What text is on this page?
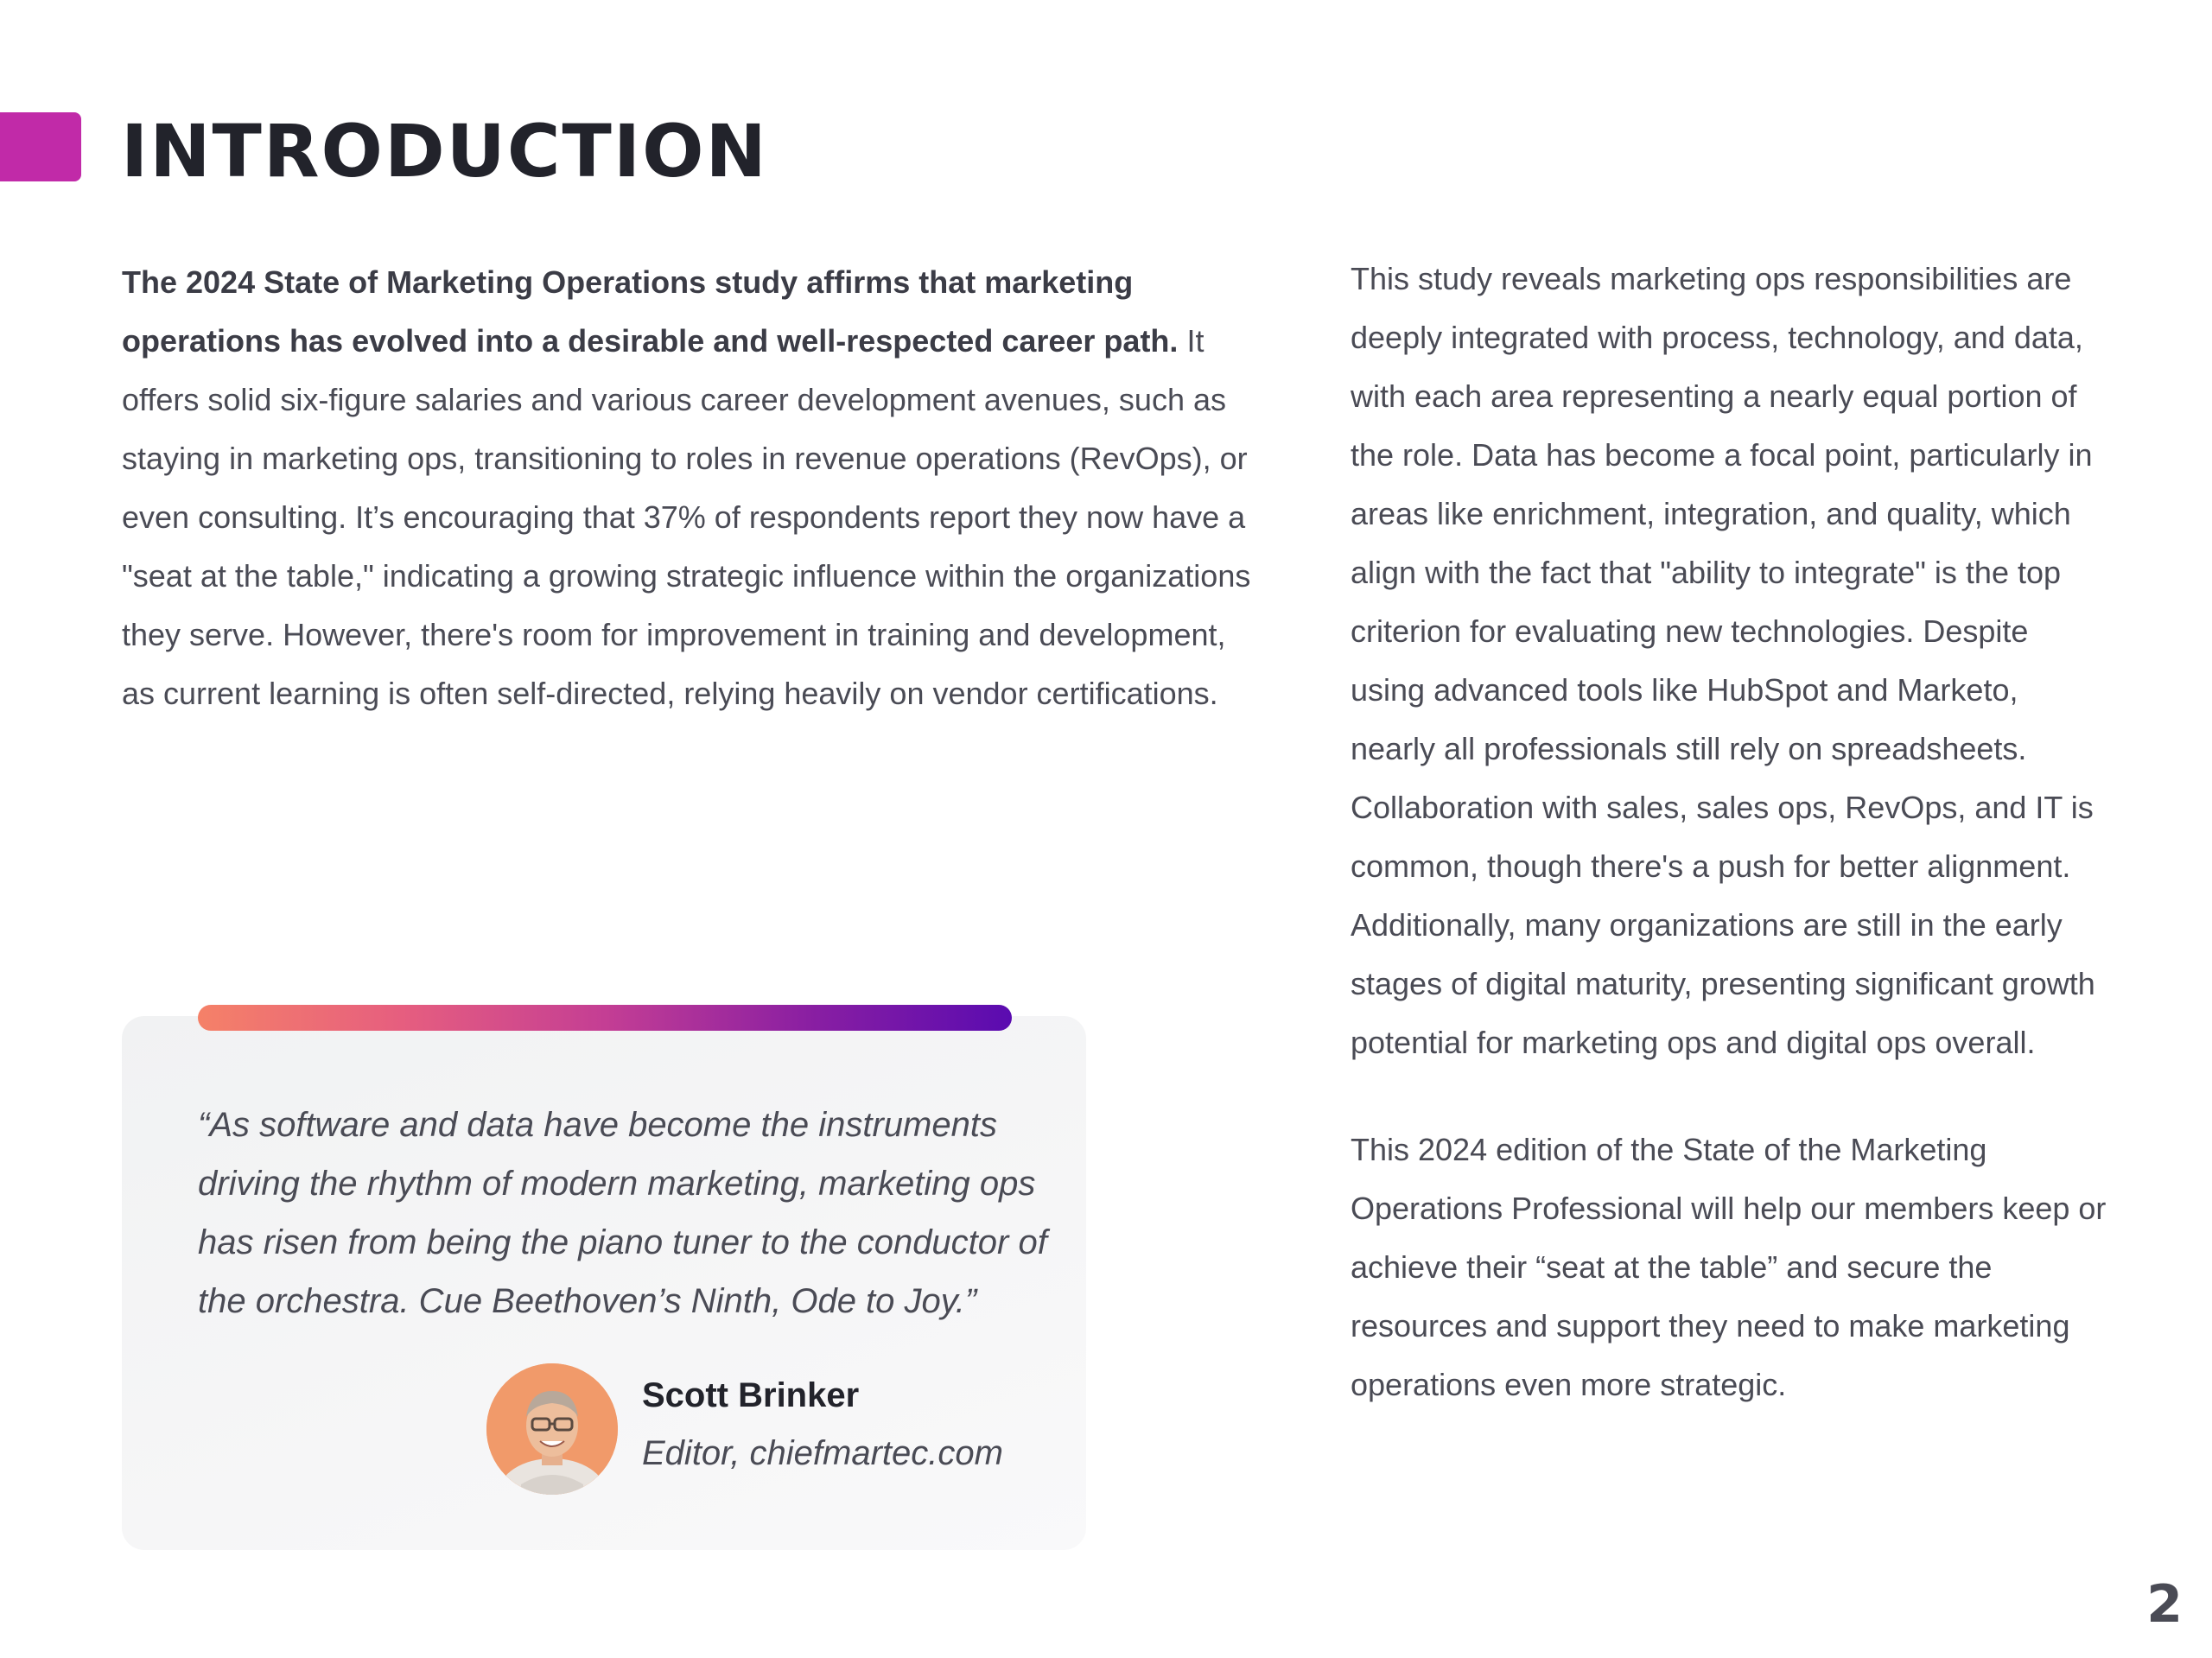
INTRODUCTION
The 2024 State of Marketing Operations study affirms that marketing operations has evolved into a desirable and well-respected career path. It offers solid six-figure salaries and various career development avenues, such as staying in marketing ops, transitioning to roles in revenue operations (RevOps), or even consulting. It’s encouraging that 37% of respondents report they now have a "seat at the table," indicating a growing strategic influence within the organizations they serve. However, there's room for improvement in training and development, as current learning is often self-directed, relying heavily on vendor certifications.

This study reveals marketing ops responsibilities are deeply integrated with process, technology, and data, with each area representing a nearly equal portion of the role. Data has become a focal point, particularly in areas like enrichment, integration, and quality, which align with the fact that "ability to integrate" is the top criterion for evaluating new technologies. Despite using advanced tools like HubSpot and Marketo, nearly all professionals still rely on spreadsheets. Collaboration with sales, sales ops, RevOps, and IT is common, though there's a push for better alignment. Additionally, many organizations are still in the early stages of digital maturity, presenting significant growth potential for marketing ops and digital ops overall.

This 2024 edition of the State of the Marketing Operations Professional will help our members keep or achieve their “seat at the table” and secure the resources and support they need to make marketing operations even more strategic.

“As software and data have become the instruments driving the rhythm of modern marketing, marketing ops has risen from being the piano tuner to the conductor of the orchestra. Cue Beethoven’s Ninth, Ode to Joy.”
Scott Brinker
Editor, chiefmartec.com
2
